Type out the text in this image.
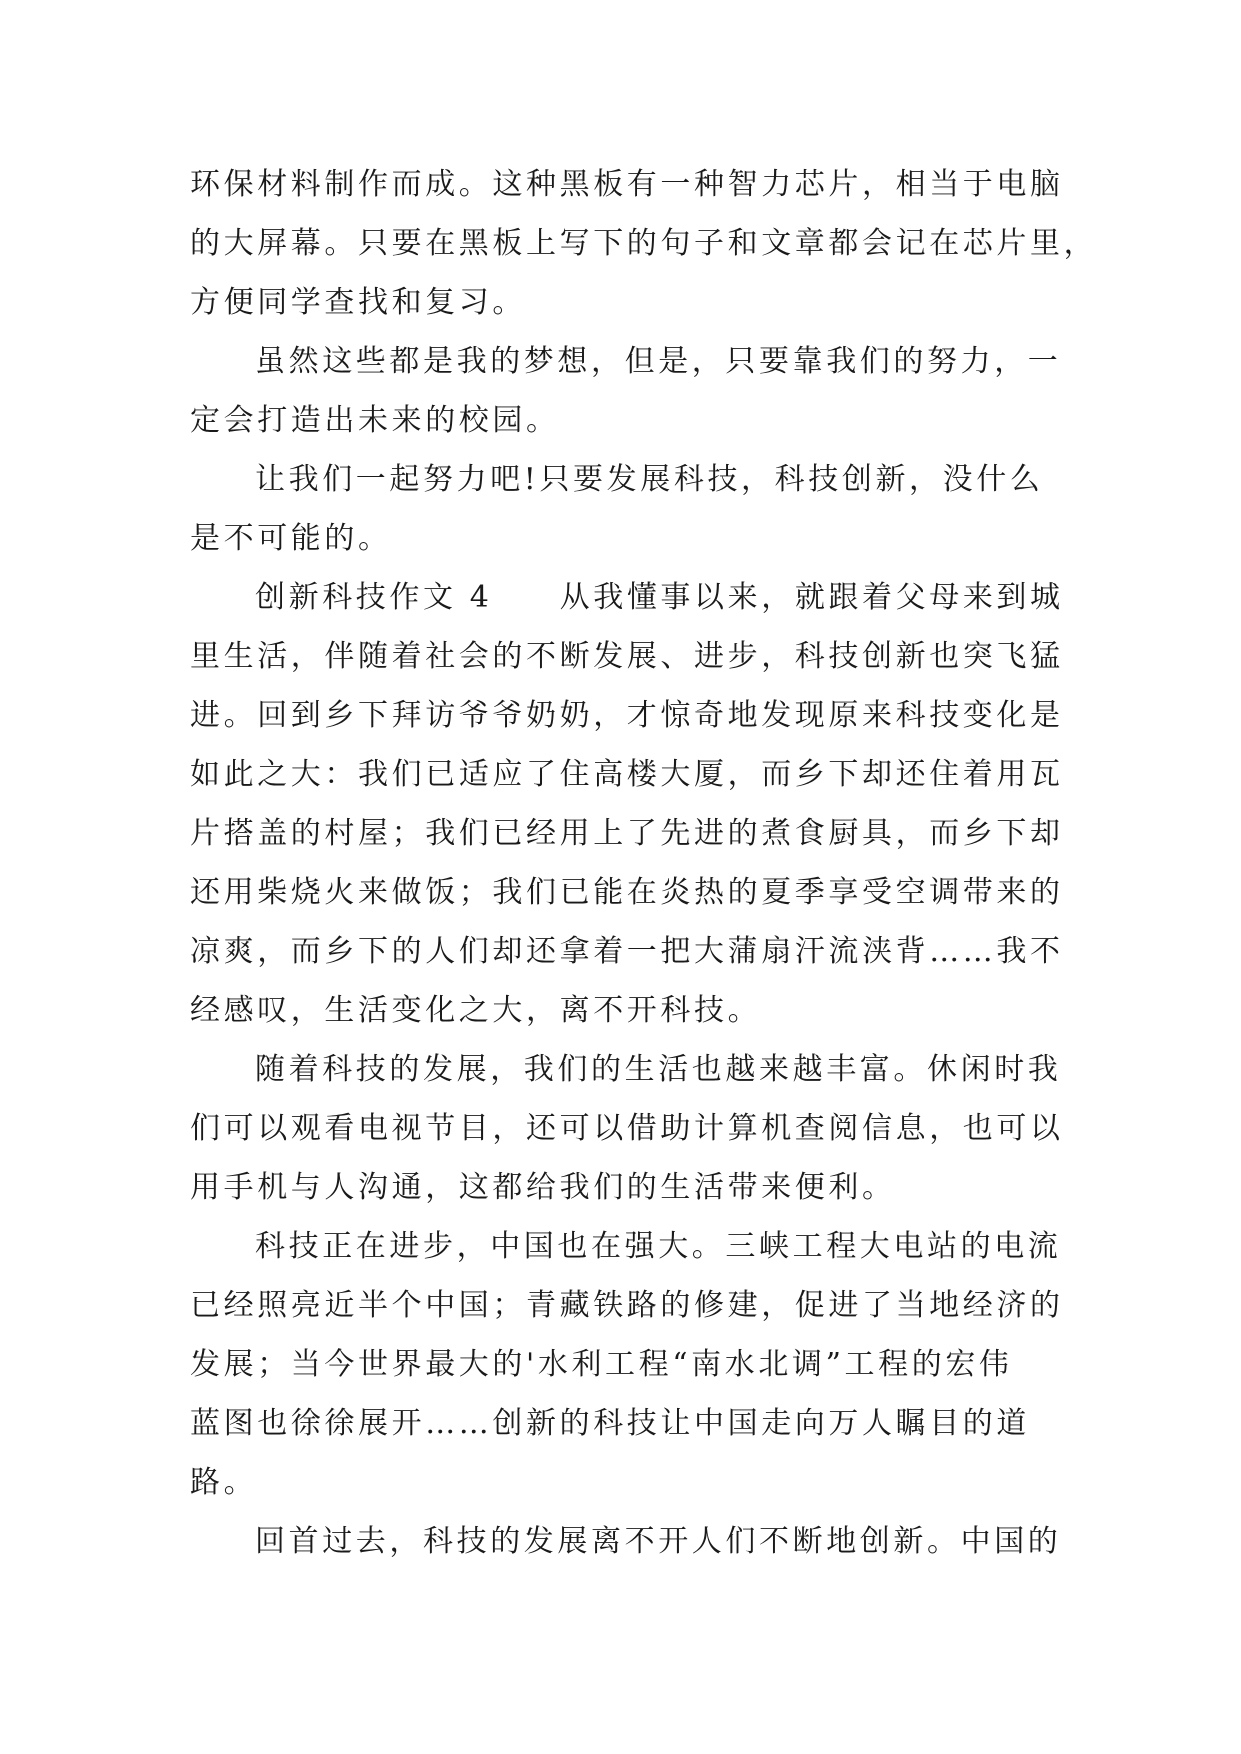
环保材料制作而成。这种黑板有一种智力芯片，相当于电脑
的大屏幕。只要在黑板上写下的句子和文章都会记在芯片里，
方便同学查找和复习。
虽然这些都是我的梦想，但是，只要靠我们的努力，一
定会打造出未来的校园。
让我们一起努力吧!只要发展科技，科技创新，没什么
是不可能的。
创新科技作文 4　　从我懂事以来，就跟着父母来到城
里生活，伴随着社会的不断发展、进步，科技创新也突飞猛
进。回到乡下拜访爷爷奶奶，才惊奇地发现原来科技变化是
如此之大：我们已适应了住高楼大厦，而乡下却还住着用瓦
片搭盖的村屋；我们已经用上了先进的煮食厨具，而乡下却
还用柴烧火来做饭；我们已能在炎热的夏季享受空调带来的
凉爽，而乡下的人们却还拿着一把大蒲扇汗流浃背……我不
经感叹，生活变化之大，离不开科技。
随着科技的发展，我们的生活也越来越丰富。休闲时我
们可以观看电视节目，还可以借助计算机查阅信息，也可以
用手机与人沟通，这都给我们的生活带来便利。
科技正在进步，中国也在强大。三峡工程大电站的电流
已经照亮近半个中国；青藏铁路的修建，促进了当地经济的
发展；当今世界最大的'水利工程“南水北调”工程的宏伟
蓝图也徐徐展开……创新的科技让中国走向万人瞩目的道
路。
回首过去，科技的发展离不开人们不断地创新。中国的
